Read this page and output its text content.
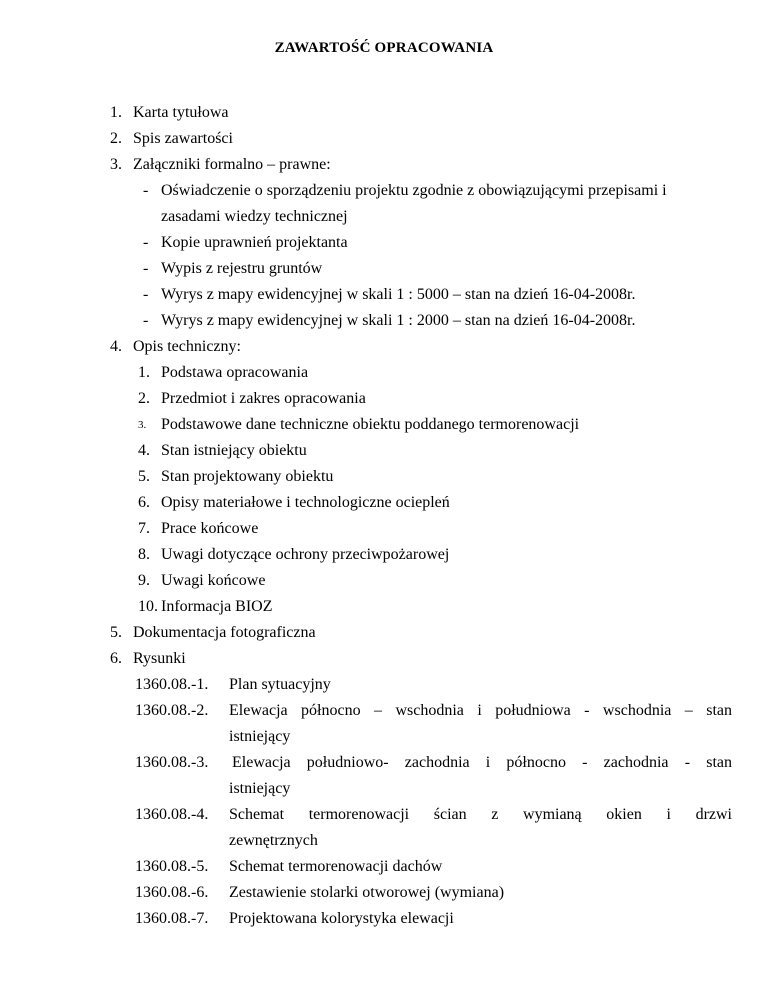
ZAWARTOŚĆ OPRACOWANIA
1. Karta tytułowa
2. Spis zawartości
3. Załączniki formalno – prawne:
- Oświadczenie o sporządzeniu projektu zgodnie z obowiązującymi przepisami i
zasadami wiedzy technicznej
- Kopie uprawnień projektanta
- Wypis z rejestru gruntów
- Wyrys z mapy ewidencyjnej w skali 1 : 5000 – stan na dzień 16-04-2008r.
- Wyrys z mapy ewidencyjnej w skali 1 : 2000 – stan na dzień 16-04-2008r.
4. Opis techniczny:
1. Podstawa opracowania
2. Przedmiot i zakres opracowania
3. Podstawowe dane techniczne obiektu poddanego termorenowacji
4. Stan istniejący obiektu
5. Stan projektowany obiektu
6. Opisy materiałowe i technologiczne ociepleń
7. Prace końcowe
8. Uwagi dotyczące ochrony przeciwpożarowej
9. Uwagi końcowe
10. Informacja BIOZ
5. Dokumentacja fotograficzna
6. Rysunki
1360.08.-1. Plan sytuacyjny
1360.08.-2. Elewacja północno – wschodnia i południowa - wschodnia – stan
istniejący
1360.08.-3. Elewacja południowo- zachodnia i północno - zachodnia - stan
istniejący
1360.08.-4. Schemat termorenowacji ścian z wymianą okien i drzwi
zewnętrznych
1360.08.-5. Schemat termorenowacji dachów
1360.08.-6. Zestawienie stolarki otworowej (wymiana)
1360.08.-7. Projektowana kolorystyka elewacji
